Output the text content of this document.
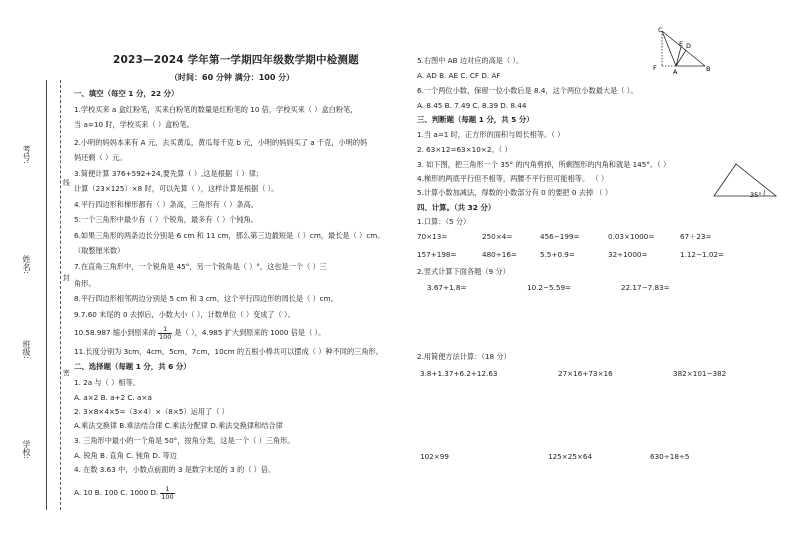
考号:
姓名:
班级:
学校:
线
封
密
2023—2024 学年第一学期四年级数学期中检测题
（时间：60 分钟 满分：100 分）
一、填空（每空 1 分，22 分）
1.学校买来 a 盒红粉笔，买来白粉笔的数量是红粉笔的 10 倍，学校买来（ ）盒白粉笔，
当 a=10 时，学校买来（ ）盒粉笔。
2.小明的妈妈本来有 A 元，去买黄瓜，黄瓜每千克 b 元，小明的妈妈买了 a 千克，小明的妈
妈还剩（ ）元。
3.简便计算 376+592+24,要先算（ ）,这是根据（ ）律；
计算（23×125）×8 时，可以先算（ ），这样计算是根据（ ）。
4.平行四边形和梯形都有（ ）条高，三角形有（ ）条高。
5.一个三角形中最少有（ ）个锐角，最多有（ ）个钝角。
6.如果三角形的两条边长分别是 6 cm 和 11 cm，那么第三边最短是（ ）cm，最长是（ ）cm。
（取整厘米数）
7.在直角三角形中，一个锐角是 45°，另一个锐角是（ ）°，这也是一个（ ）三
角形。
8.平行四边形相邻两边分别是 5 cm 和 3 cm，这个平行四边形的周长是（ ）cm。
9.7.60 末尾的 0 去掉后，小数大小（ ），计数单位（ ）变成了（ ）。
10.58.987 缩小到原来的 $\frac{1}{100}$ 是（ ），4.985 扩大到原来的 1000 倍是（ ）。
11.长度分别为 3cm，4cm，5cm，7cm，10cm 的五根小棒共可以摆成（ ）种不同的三角形。
二、选择题（每题 1 分，共 6 分）
1. 2a 与（ ）相等。
A. a×2 B. a+2 C. a×a
2. 3×8×4×5=（3×4）×（8×5）运用了（ ）
A.乘法交换律 B.乘法结合律 C.乘法分配律 D.乘法交换律和结合律
3. 三角形中最小的一个角是 50°，按角分类，这是一个（ ）三角形。
A. 锐角 B. 直角 C. 钝角 D. 等边
4. 在数 3.63 中，小数点前面的 3 是数字末尾的 3 的（ ）倍。
A. 10 B. 100 C. 1000 D. $\frac{1}{100}$
5.右图中 AB 边对应的高是（ ）。
A. AD B. AE C. CF D. AF
6.一个两位小数，保留一位小数后是 8.4，这个两位小数最大是（ ）。
A. 8.45 B. 7.49 C. 8.39 D. 8.44
三、判断题（每题 1 分，共 5 分）
1.当 a=1 时，正方形的面积与周长相等。（ ）
2. 63×12=63×10×2。（ ）
3. 如下图，把三角形一个 35° 的内角剪掉，所剩图形的内角和就是 145°。（ ）
4.梯形的两底平行但不相等，两腰不平行但可能相等。 （ ）
5.计算小数加减法，得数的小数部分有 0 的要把 0 去掉 （ ）
四、计算。（共 32 分）
1.口算：（5 分）
70×13=	250×4=	456−199=	0.03×1000=	67＋23=
157+198=	480÷16=	5.5+0.9=	32÷1000=	1.12−1.02=
2.竖式计算下面各题（9 分）
3.67+1.8=	10.2−5.59=	22.17−7.83=
2.用简便方法计算：（18 分）
3.8+1.37+6.2+12.63	27×16+73×16	382×101−382
102×99	125×25×64	630÷18÷5
C
D
E
F	A	B
35°
